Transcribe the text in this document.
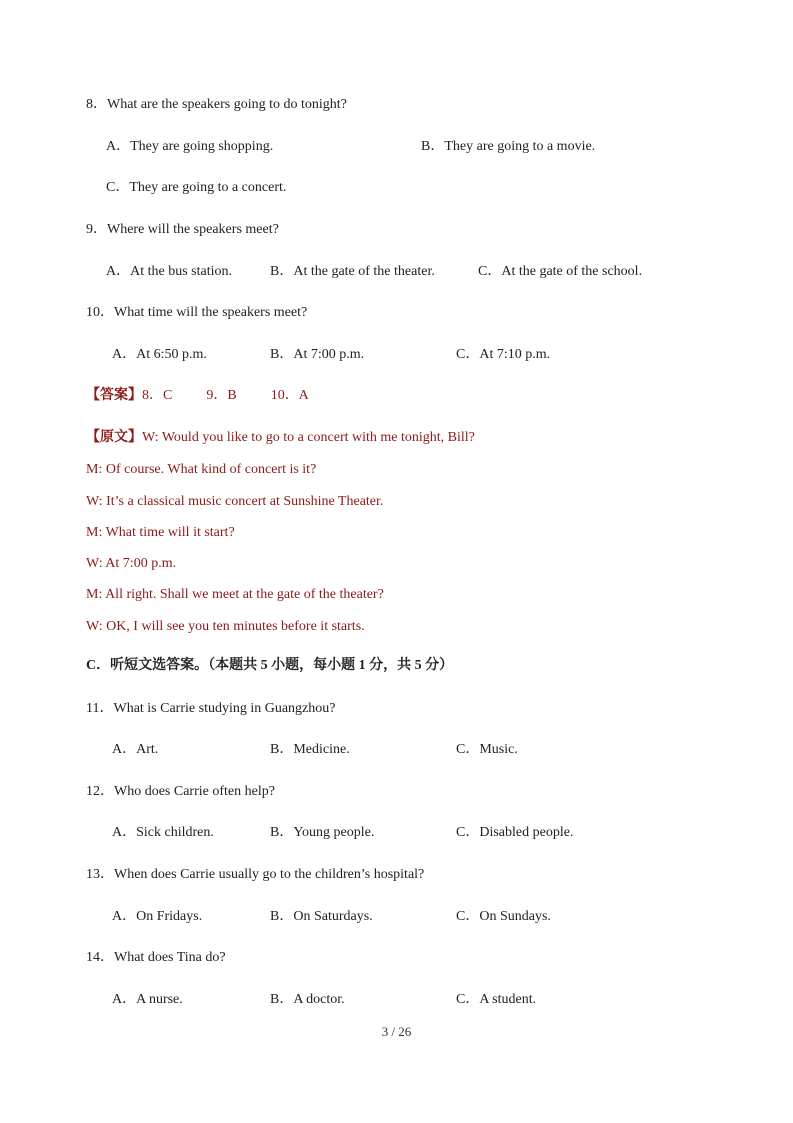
8．What are the speakers going to do tonight?
A．They are going shopping.	B．They are going to a movie.
C．They are going to a concert.
9．Where will the speakers meet?
A．At the bus station.	B．At the gate of the theater.	C．At the gate of the school.
10．What time will the speakers meet?
A．At 6:50 p.m.	B．At 7:00 p.m.	C．At 7:10 p.m.
【答案】8．C 9．B 10．A
【原文】W: Would you like to go to a concert with me tonight, Bill?
M: Of course. What kind of concert is it?
W: It’s a classical music concert at Sunshine Theater.
M: What time will it start?
W: At 7:00 p.m.
M: All right. Shall we meet at the gate of the theater?
W: OK, I will see you ten minutes before it starts.
C．听短文选答案。（本题共 5 小题，每小题 1 分，共 5 分）
11．What is Carrie studying in Guangzhou?
A．Art.	B．Medicine.	C．Music.
12．Who does Carrie often help?
A．Sick children.	B．Young people.	C．Disabled people.
13．When does Carrie usually go to the children’s hospital?
A．On Fridays.	B．On Saturdays.	C．On Sundays.
14．What does Tina do?
A．A nurse.	B．A doctor.	C．A student.
3 / 26
